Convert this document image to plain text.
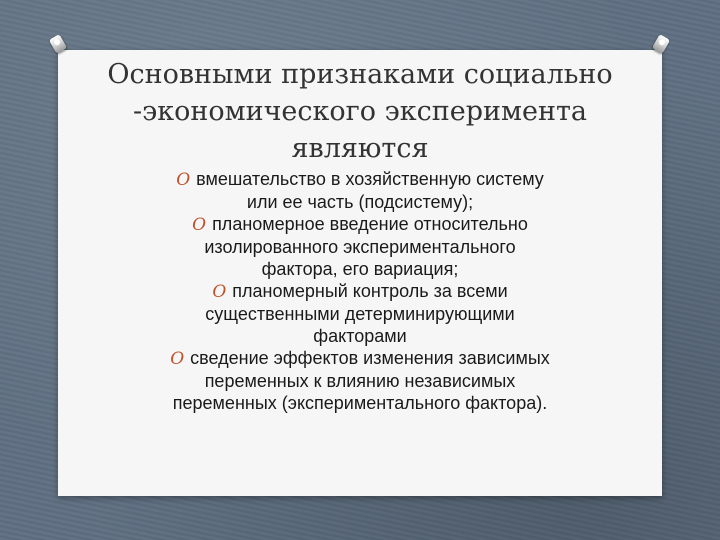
Основными признаками социально
-экономического эксперимента
являются
O вмешательство в хозяйственную систему
или ее часть (подсистему);
O планомерное введение относительно
изолированного экспериментального
фактора, его вариация;
O планомерный контроль за всеми
существенными детерминирующими
факторами
O сведение эффектов изменения зависимых
переменных к влиянию независимых
переменных (экспериментального фактора).
